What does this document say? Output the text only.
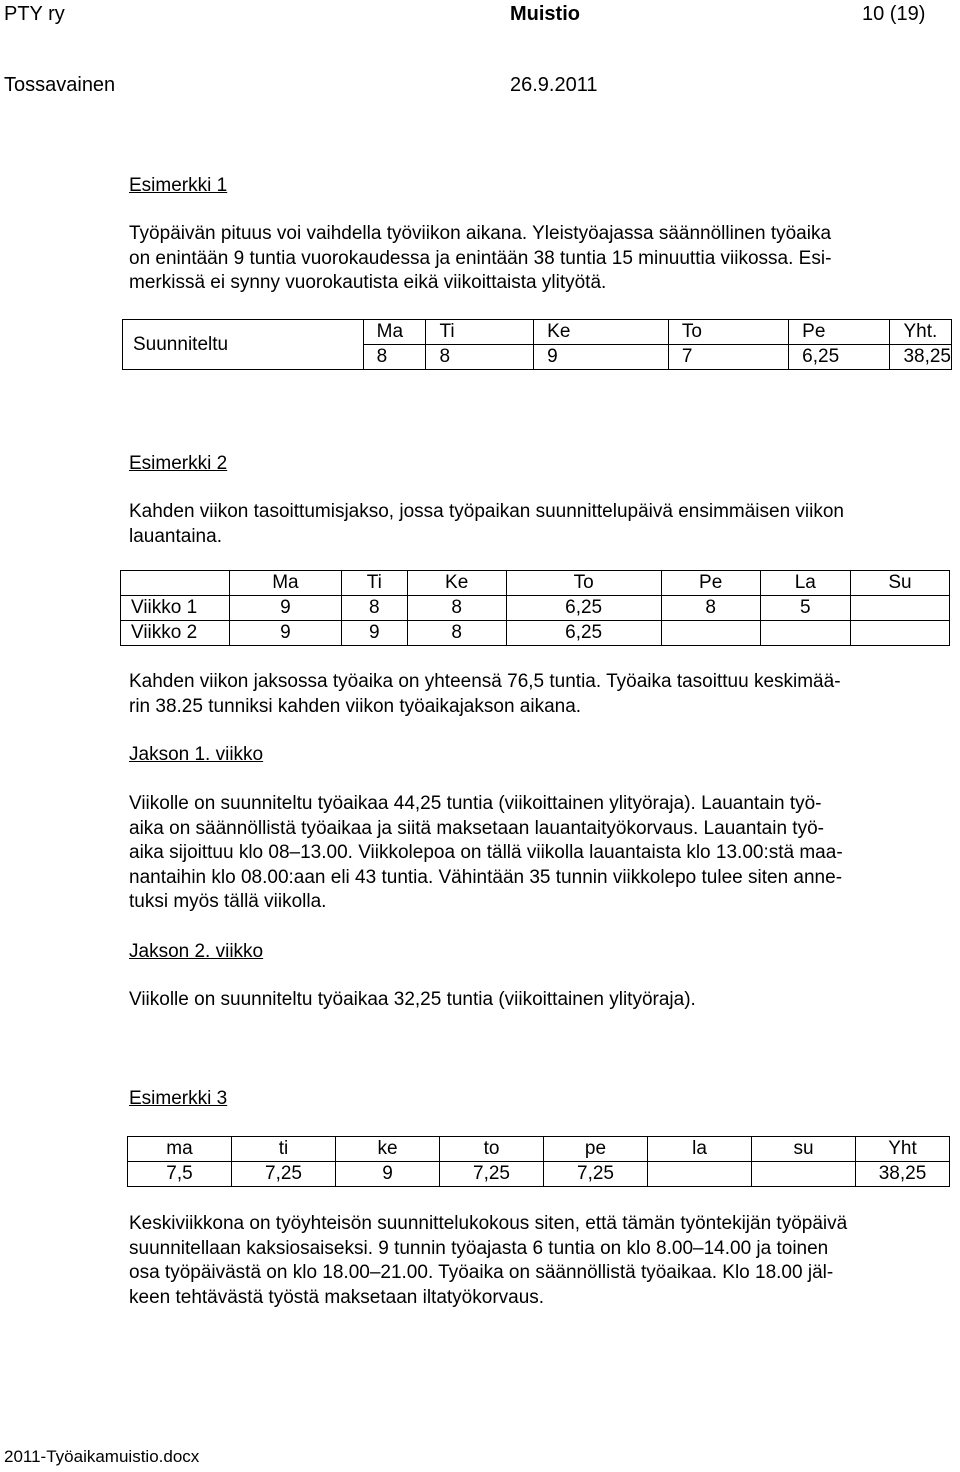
PTY ry	Muistio	10 (19)
Tossavainen	26.9.2011
Esimerkki 1
Työpäivän pituus voi vaihdella työviikon aikana. Yleistyöajassa säännöllinen työaika
on enintään 9 tuntia vuorokaudessa ja enintään 38 tuntia 15 minuuttia viikossa. Esi-
merkissä ei synny vuorokautista eikä viikoittaista ylityötä.
Suunniteltu	Ma	Ti	Ke	To	Pe	Yht.
	8	8	9	7	6,25	38,25
Esimerkki 2
Kahden viikon tasoittumisjakso, jossa työpaikan suunnittelupäivä ensimmäisen viikon
lauantaina.
	Ma	Ti	Ke	To	Pe	La	Su
Viikko 1	9	8	8	6,25	8	5	
Viikko 2	9	9	8	6,25			
Kahden viikon jaksossa työaika on yhteensä 76,5 tuntia. Työaika tasoittuu keskimää-
rin 38.25 tunniksi kahden viikon työaikajakson aikana.
Jakson 1. viikko
Viikolle on suunniteltu työaikaa 44,25 tuntia (viikoittainen ylityöraja). Lauantain työ-
aika on säännöllistä työaikaa ja siitä maksetaan lauantaityökorvaus. Lauantain työ-
aika sijoittuu klo 08–13.00. Viikkolepoa on tällä viikolla lauantaista klo 13.00:stä maa-
nantaihin klo 08.00:aan eli 43 tuntia. Vähintään 35 tunnin viikkolepo tulee siten anne-
tuksi myös tällä viikolla.
Jakson 2. viikko
Viikolle on suunniteltu työaikaa 32,25 tuntia (viikoittainen ylityöraja).
Esimerkki 3
ma	ti	ke	to	pe	la	su	Yht
7,5	7,25	9	7,25	7,25			38,25
Keskiviikkona on työyhteisön suunnittelukokous siten, että tämän työntekijän työpäivä
suunnitellaan kaksiosaiseksi. 9 tunnin työajasta 6 tuntia on klo 8.00–14.00 ja toinen
osa työpäivästä on klo 18.00–21.00. Työaika on säännöllistä työaikaa. Klo 18.00 jäl-
keen tehtävästä työstä maksetaan iltatyökorvaus.
2011-Työaikamuistio.docx
